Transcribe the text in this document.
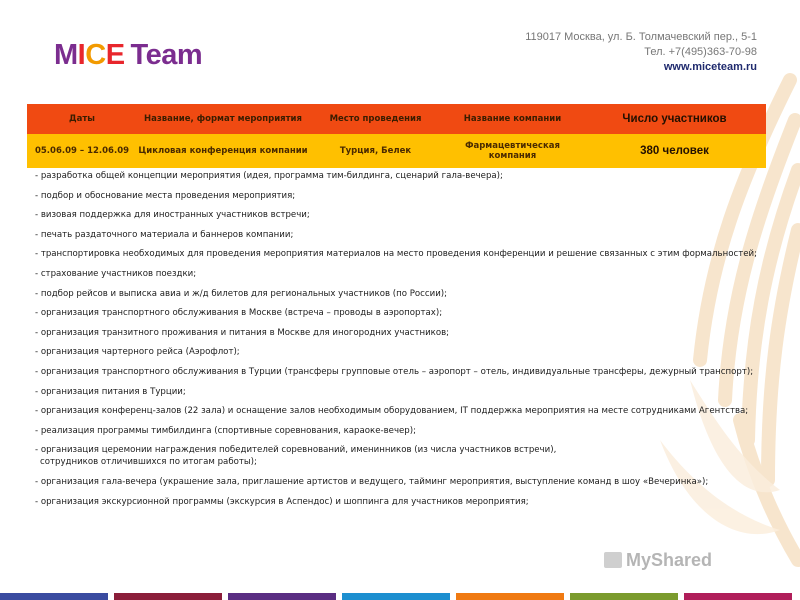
MICE Team
119017 Москва, ул. Б. Толмачевский пер., 5-1
Тел. +7(495)363-70-98
www.miceteam.ru
Даты	Название, формат мероприятия	Место проведения	Название компании	Число участников
05.06.09 – 12.06.09	Цикловая конференция компании	Турция, Белек	Фармацевтическая компания	380 человек
- разработка общей концепции мероприятия (идея, программа тим-билдинга, сценарий гала-вечера);
- подбор и обоснование места проведения мероприятия;
- визовая поддержка для иностранных участников встречи;
- печать раздаточного материала и баннеров компании;
- транспортировка необходимых для проведения мероприятия материалов на место проведения конференции и решение связанных с этим формальностей;
- страхование участников поездки;
- подбор рейсов и выписка авиа и ж/д билетов для региональных участников (по России);
- организация транспортного обслуживания в Москве (встреча – проводы в аэропортах);
- организация транзитного проживания и питания в Москве для иногородних участников;
- организация чартерного рейса (Аэрофлот);
- организация транспортного обслуживания в Турции (трансферы групповые отель – аэропорт – отель, индивидуальные трансферы, дежурный транспорт);
- организация питания в Турции;
- организация конференц-залов (22 зала) и оснащение залов необходимым оборудованием, IT поддержка мероприятия на месте сотрудниками Агентства;
- реализация программы тимбилдинга (спортивные соревнования, караоке-вечер);
- организация церемонии награждения победителей соревнований, именинников (из числа участников встречи),
сотрудников отличившихся по итогам работы);
- организация гала-вечера (украшение зала, приглашение артистов и ведущего, тайминг мероприятия, выступление команд в шоу «Вечеринка»);
- организация экскурсионной программы (экскурсия в Аспендос) и шоппинга для участников мероприятия;
MyShared
